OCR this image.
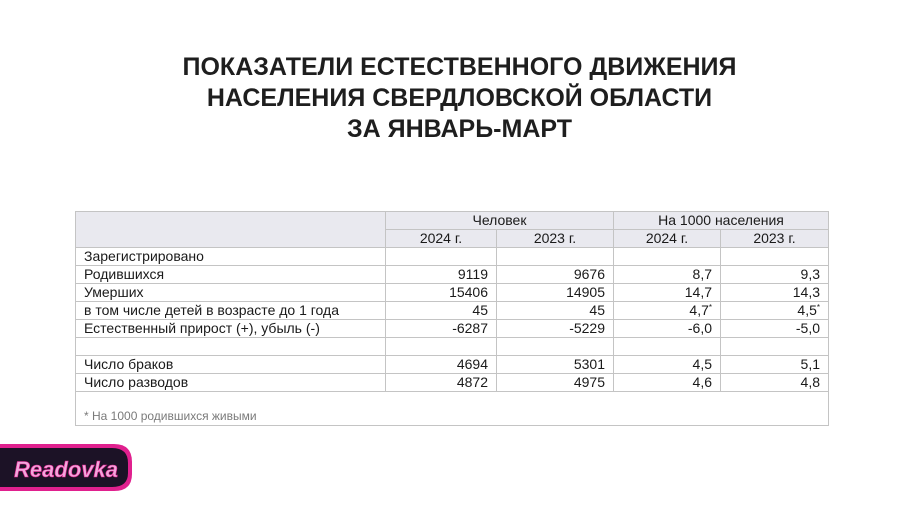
ПОКАЗАТЕЛИ ЕСТЕСТВЕННОГО ДВИЖЕНИЯ
НАСЕЛЕНИЯ СВЕРДЛОВСКОЙ ОБЛАСТИ
ЗА ЯНВАРЬ-МАРТ
	Человек		На 1000 населения	
	2024 г.	2023 г.	2024 г.	2023 г.
Зарегистрировано				
Родившихся	9119	9676	8,7	9,3
Умерших	15406	14905	14,7	14,3
в том числе детей в возрасте до 1 года	45	45	4,7*	4,5*
Естественный прирост (+), убыль (-)	-6287	-5229	-6,0	-5,0

Число браков	4694	5301	4,5	5,1
Число разводов	4872	4975	4,6	4,8
* На 1000 родившихся живыми				
Readovka
